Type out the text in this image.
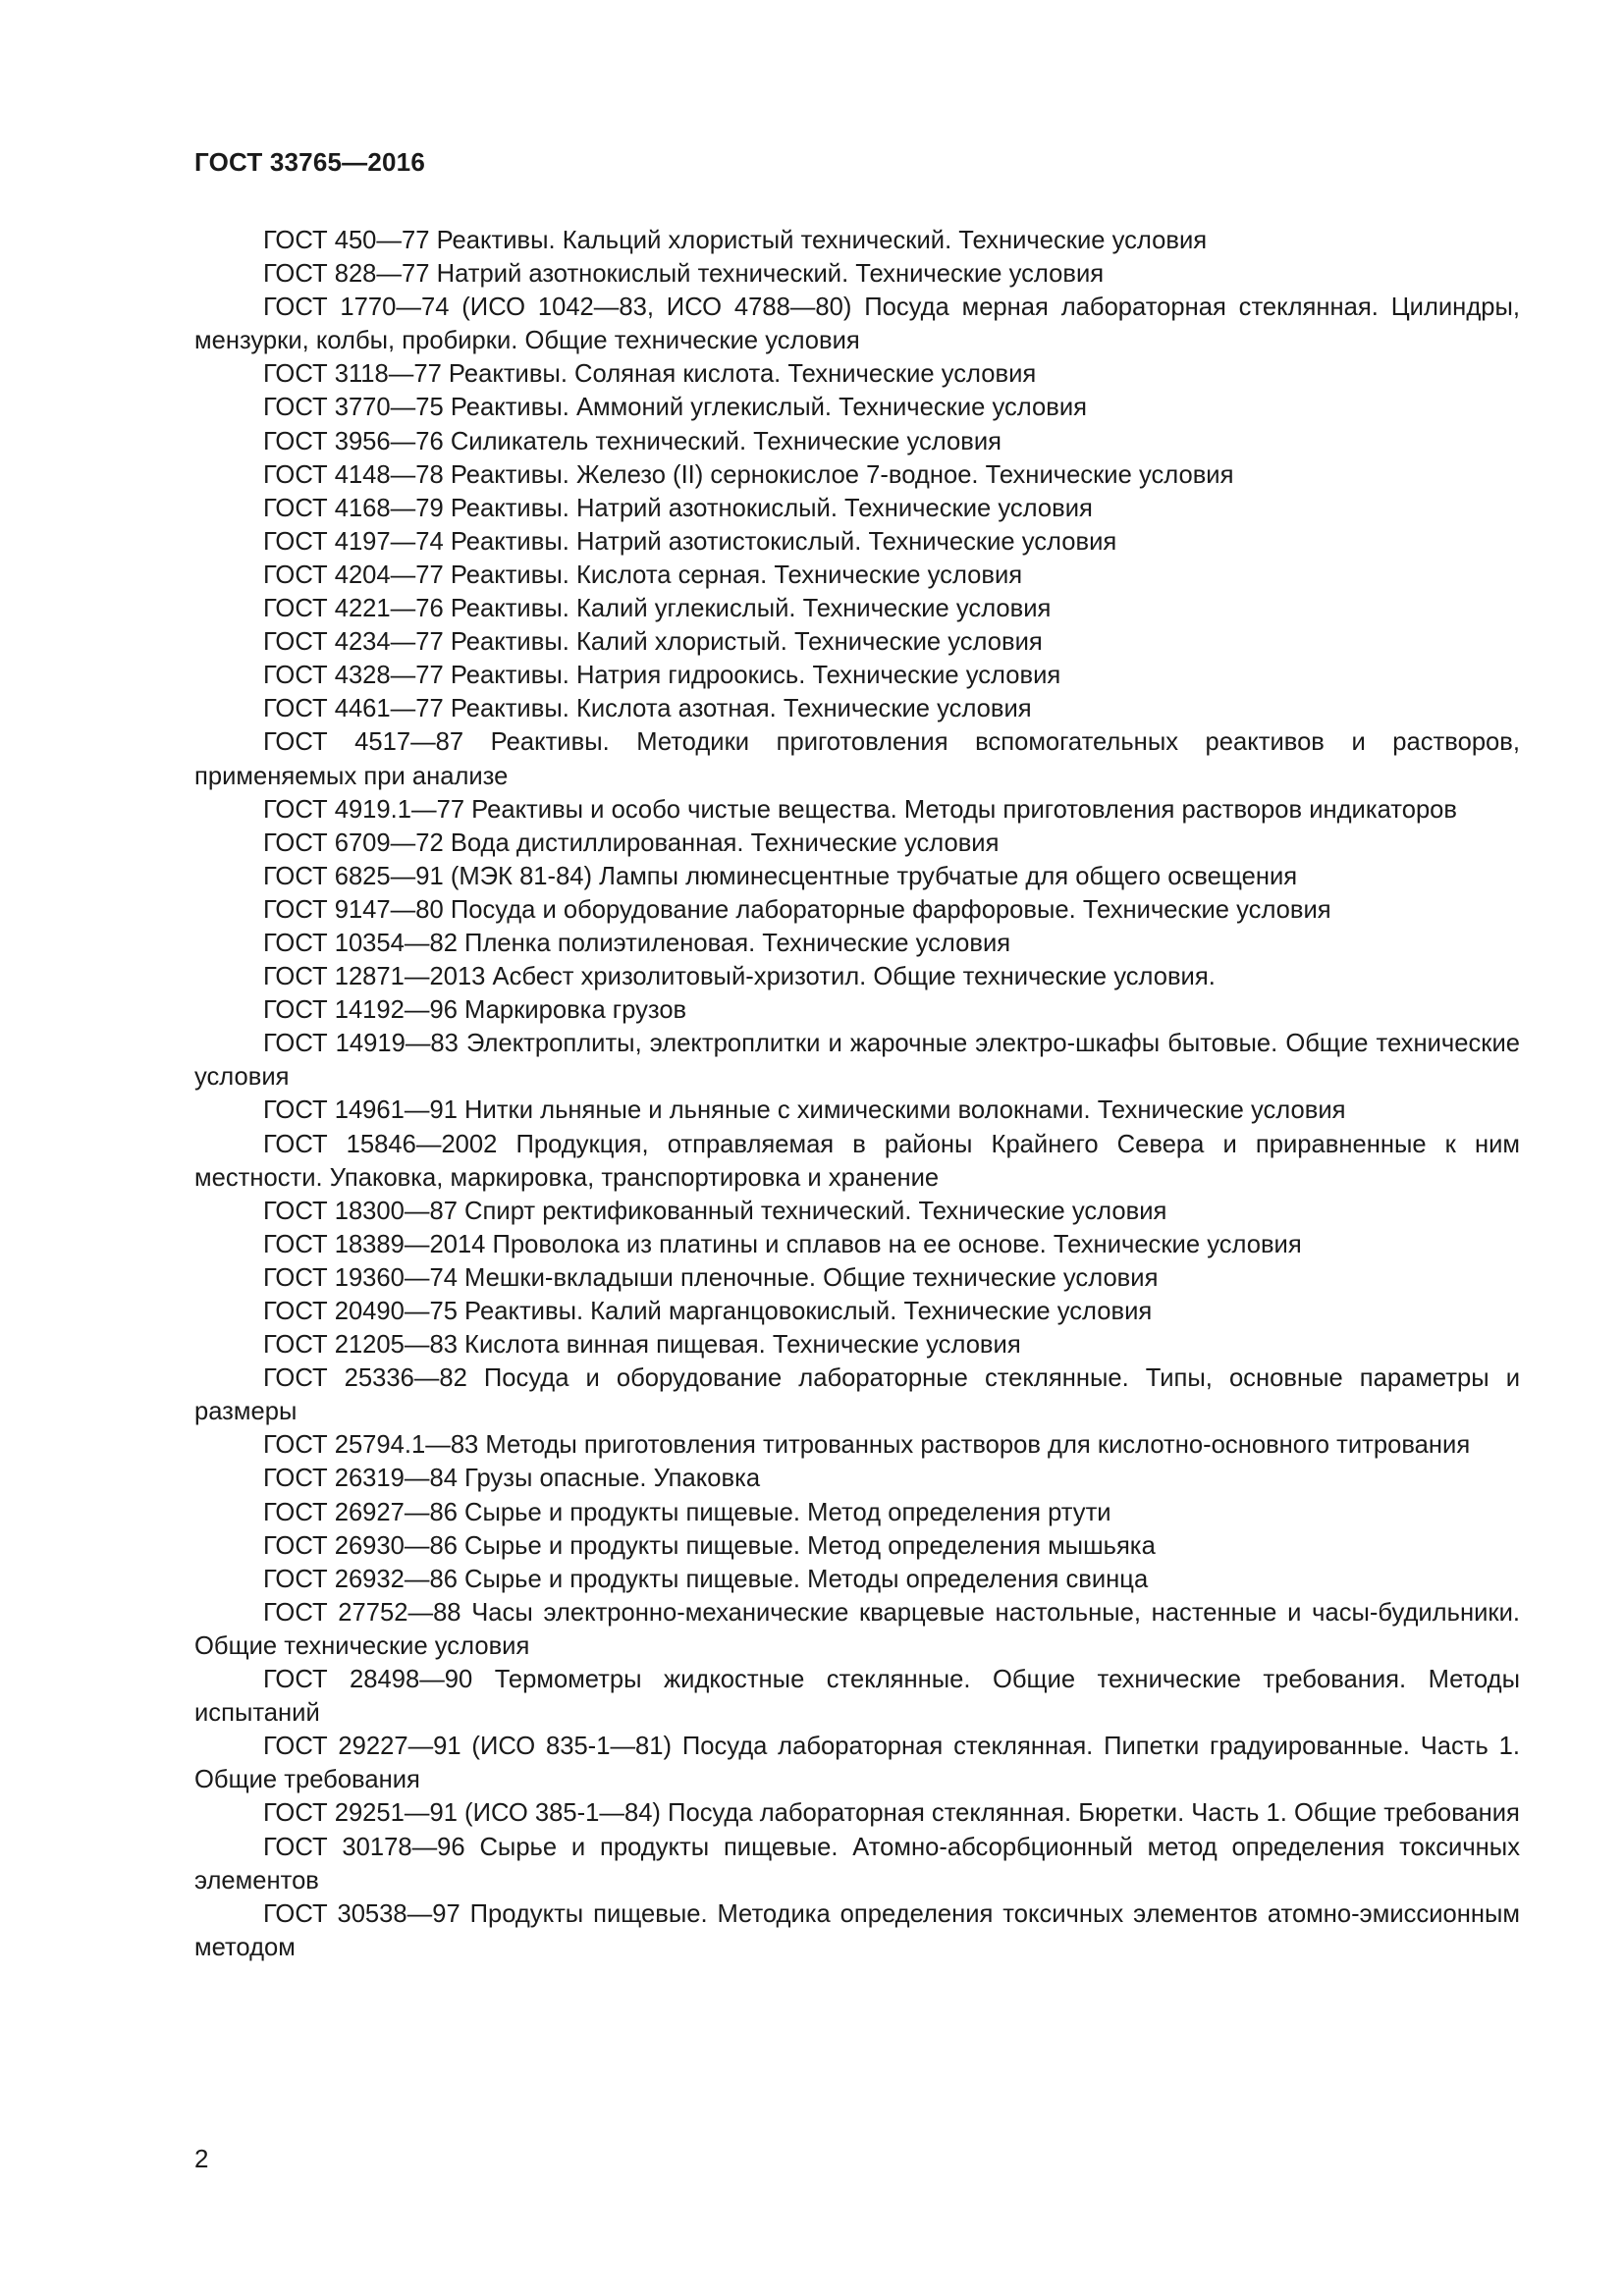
ГОСТ 33765—2016

ГОСТ 450—77 Реактивы. Кальций хлористый технический. Технические условия

ГОСТ 828—77 Натрий азотнокислый технический. Технические условия

ГОСТ 1770—74 (ИСО 1042—83, ИСО 4788—80) Посуда мерная лабораторная стеклянная. Цилиндры, мензурки, колбы, пробирки. Общие технические условия

ГОСТ 3118—77 Реактивы. Соляная кислота. Технические условия

ГОСТ 3770—75 Реактивы. Аммоний углекислый. Технические условия

ГОСТ 3956—76 Силикатель технический. Технические условия

ГОСТ 4148—78 Реактивы. Железо (II) сернокислое 7-водное. Технические условия

ГОСТ 4168—79 Реактивы. Натрий азотнокислый. Технические условия

ГОСТ 4197—74 Реактивы. Натрий азотистокислый. Технические условия

ГОСТ 4204—77 Реактивы. Кислота серная. Технические условия

ГОСТ 4221—76 Реактивы. Калий углекислый. Технические условия

ГОСТ 4234—77 Реактивы. Калий хлористый. Технические условия

ГОСТ 4328—77 Реактивы. Натрия гидроокись. Технические условия

ГОСТ 4461—77 Реактивы. Кислота азотная. Технические условия

ГОСТ 4517—87 Реактивы. Методики приготовления вспомогательных реактивов и растворов, применяемых при анализе

ГОСТ 4919.1—77 Реактивы и особо чистые вещества. Методы приготовления растворов индикаторов

ГОСТ 6709—72 Вода дистиллированная. Технические условия

ГОСТ 6825—91 (МЭК 81-84) Лампы люминесцентные трубчатые для общего освещения

ГОСТ 9147—80 Посуда и оборудование лабораторные фарфоровые. Технические условия

ГОСТ 10354—82 Пленка полиэтиленовая. Технические условия

ГОСТ 12871—2013 Асбест хризолитовый-хризотил. Общие технические условия.

ГОСТ 14192—96 Маркировка грузов

ГОСТ 14919—83 Электроплиты, электроплитки и жарочные электро-шкафы бытовые. Общие технические условия

ГОСТ 14961—91 Нитки льняные и льняные с химическими волокнами. Технические условия

ГОСТ 15846—2002 Продукция, отправляемая в районы Крайнего Севера и приравненные к ним местности. Упаковка, маркировка, транспортировка и хранение

ГОСТ 18300—87 Спирт ректификованный технический. Технические условия

ГОСТ 18389—2014 Проволока из платины и сплавов на ее основе. Технические условия

ГОСТ 19360—74 Мешки-вкладыши пленочные. Общие технические условия

ГОСТ 20490—75 Реактивы. Калий марганцовокислый. Технические условия

ГОСТ 21205—83 Кислота винная пищевая. Технические условия

ГОСТ 25336—82 Посуда и оборудование лабораторные стеклянные. Типы, основные параметры и размеры

ГОСТ 25794.1—83 Методы приготовления титрованных растворов для кислотно-основного титрования

ГОСТ 26319—84 Грузы опасные. Упаковка

ГОСТ 26927—86 Сырье и продукты пищевые. Метод определения ртути

ГОСТ 26930—86 Сырье и продукты пищевые. Метод определения мышьяка

ГОСТ 26932—86 Сырье и продукты пищевые. Методы определения свинца

ГОСТ 27752—88 Часы электронно-механические кварцевые настольные, настенные и часы-будильники. Общие технические условия

ГОСТ 28498—90 Термометры жидкостные стеклянные. Общие технические требования. Методы испытаний

ГОСТ 29227—91 (ИСО 835-1—81) Посуда лабораторная стеклянная. Пипетки градуированные. Часть 1. Общие требования

ГОСТ 29251—91 (ИСО 385-1—84) Посуда лабораторная стеклянная. Бюретки. Часть 1. Общие требования

ГОСТ 30178—96 Сырье и продукты пищевые. Атомно-абсорбционный метод определения токсичных элементов

ГОСТ 30538—97 Продукты пищевые. Методика определения токсичных элементов атомно-эмиссионным методом

2
